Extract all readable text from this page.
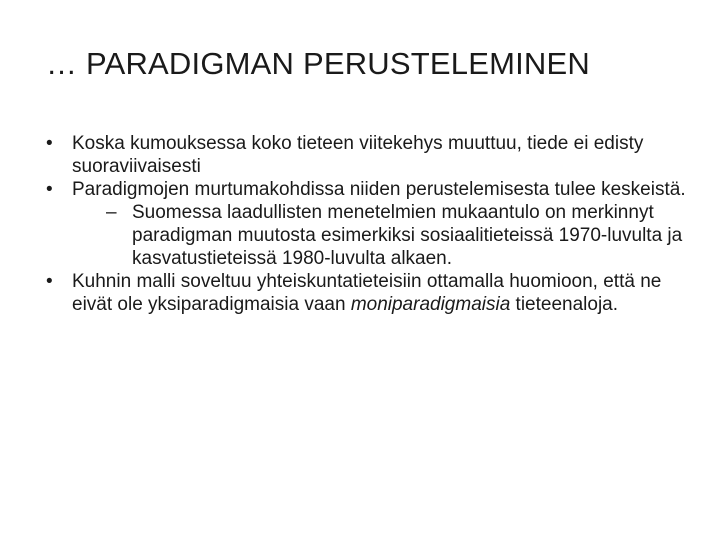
… PARADIGMAN PERUSTELEMINEN

•	Koska kumouksessa koko tieteen viitekehys muuttuu, tiede ei edisty suoraviivaisesti

•	Paradigmojen murtumakohdissa niiden perustelemisesta tulee keskeistä.

– Suomessa laadullisten menetelmien mukaantulo on merkinnyt paradigman muutosta esimerkiksi sosiaalitieteissä 1970-luvulta ja kasvatustieteissä 1980-luvulta alkaen.

•	Kuhnin malli soveltuu yhteiskuntatieteisiin ottamalla huomioon, että ne eivät ole yksiparadigmaisia vaan moniparadigmaisia tieteenaloja.
